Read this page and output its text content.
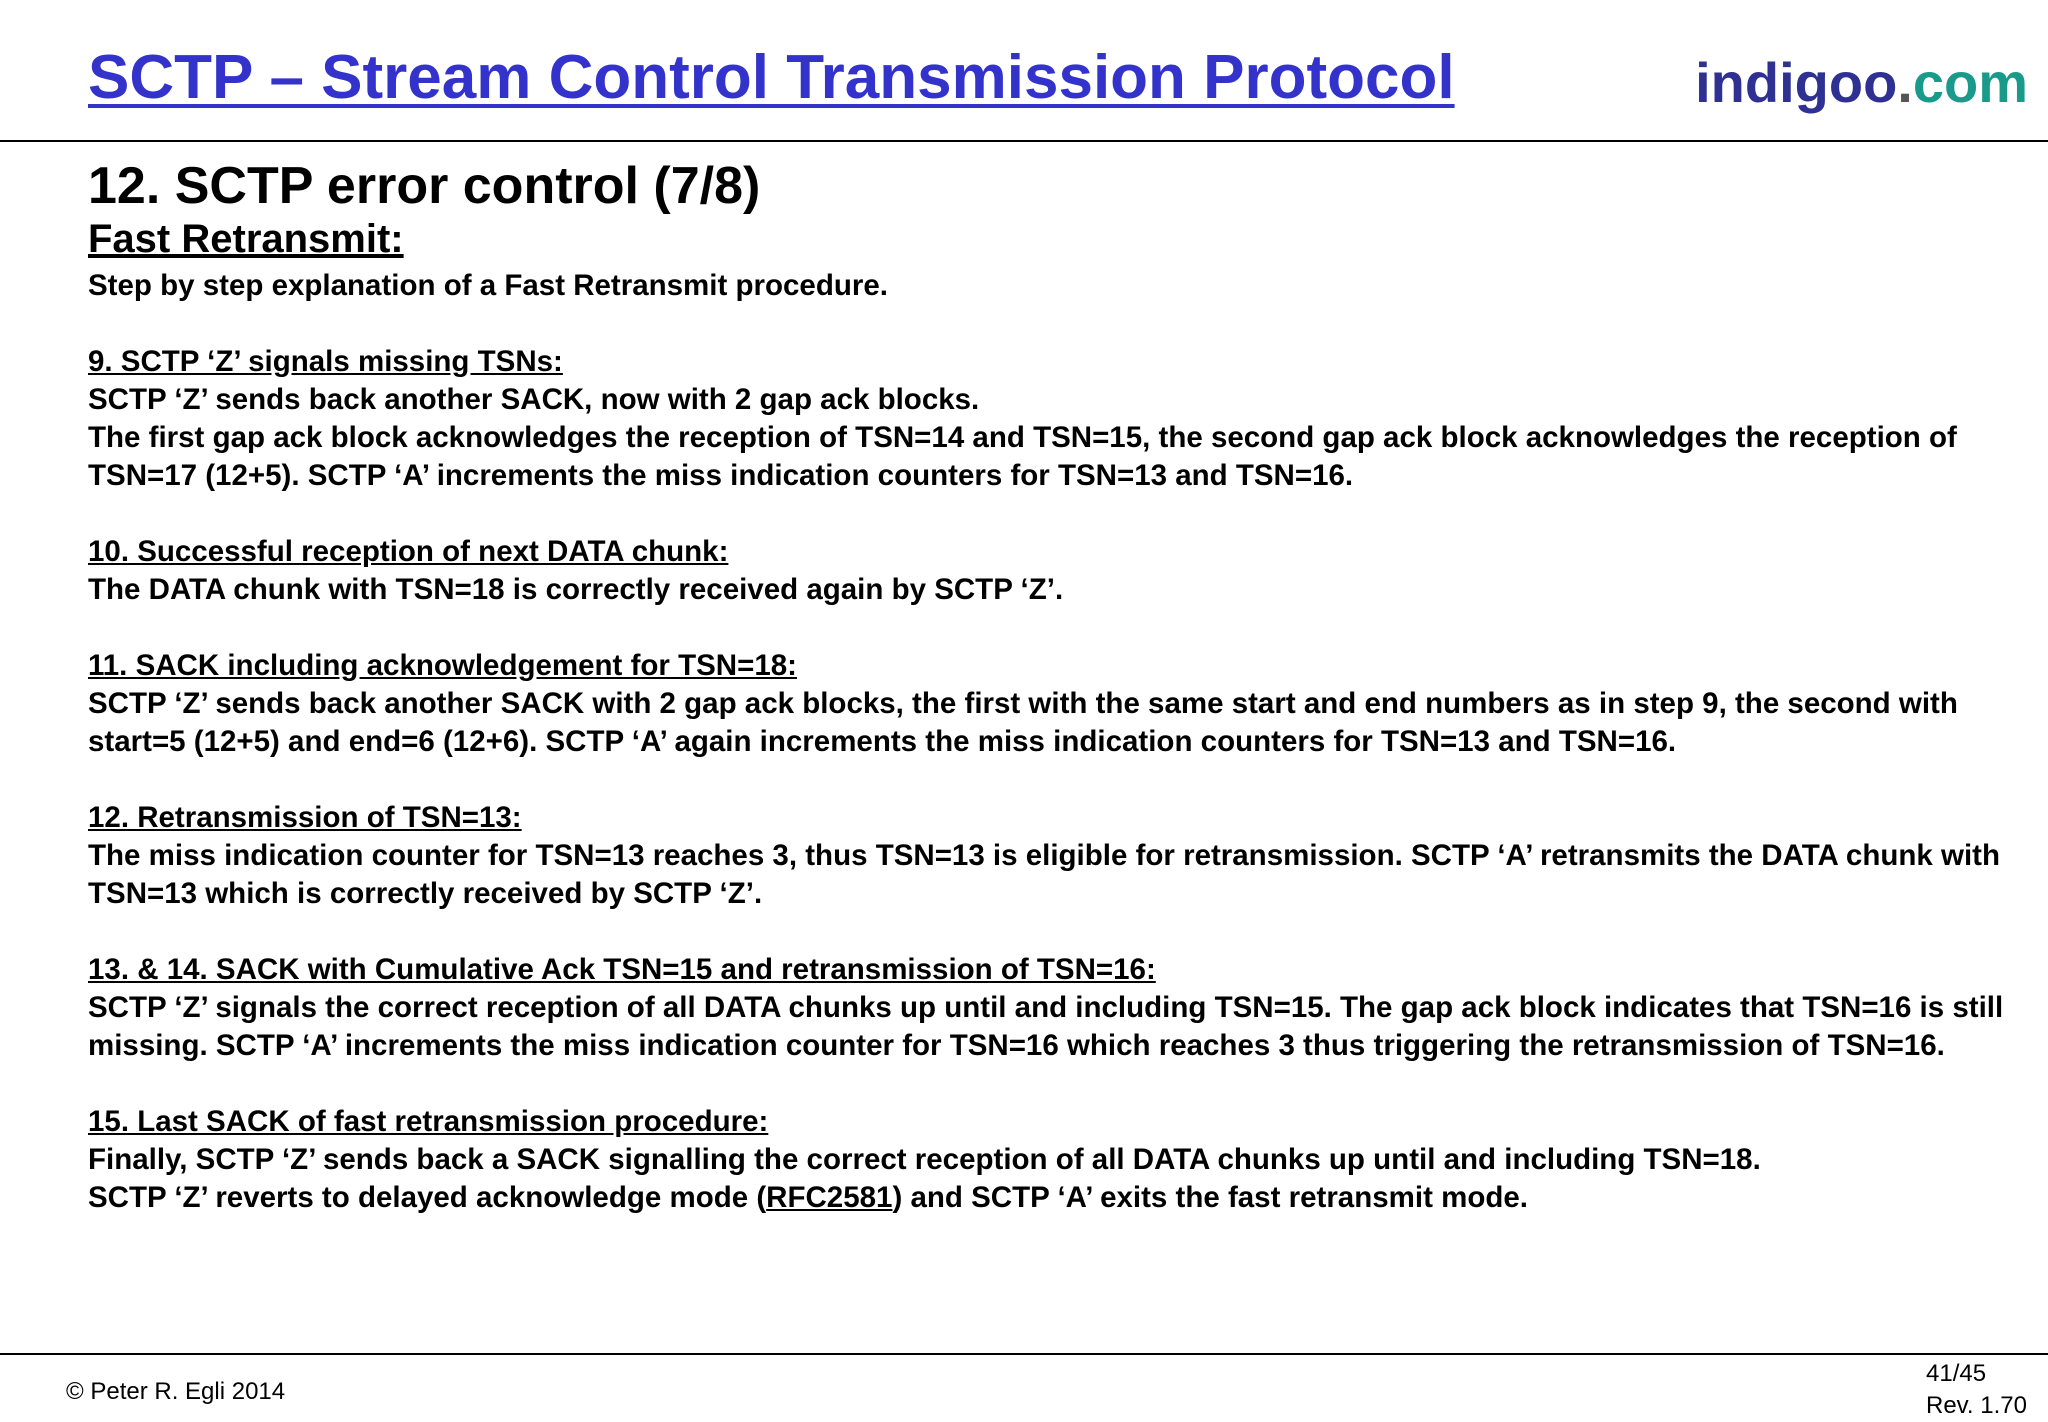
SCTP – Stream Control Transmission Protocol	indigoo.com
12. SCTP error control (7/8)
Fast Retransmit:

Step by step explanation of a Fast Retransmit procedure.

9. SCTP ‘Z’ signals missing TSNs:

SCTP ‘Z’ sends back another SACK, now with 2 gap ack blocks.

The first gap ack block acknowledges the reception of TSN=14 and TSN=15, the second gap ack block acknowledges the reception of TSN=17 (12+5). SCTP ‘A’ increments the miss indication counters for TSN=13 and TSN=16.

10. Successful reception of next DATA chunk:

The DATA chunk with TSN=18 is correctly received again by SCTP ‘Z’.

11. SACK including acknowledgement for TSN=18:

SCTP ‘Z’ sends back another SACK with 2 gap ack blocks, the first with the same start and end numbers as in step 9, the second with start=5 (12+5) and end=6 (12+6). SCTP ‘A’ again increments the miss indication counters for TSN=13 and TSN=16.

12. Retransmission of TSN=13:

The miss indication counter for TSN=13 reaches 3, thus TSN=13 is eligible for retransmission. SCTP ‘A’ retransmits the DATA chunk with TSN=13 which is correctly received by SCTP ‘Z’.

13. & 14. SACK with Cumulative Ack TSN=15 and retransmission of TSN=16:

SCTP ‘Z’ signals the correct reception of all DATA chunks up until and including TSN=15. The gap ack block indicates that TSN=16 is still missing. SCTP ‘A’ increments the miss indication counter for TSN=16 which reaches 3 thus triggering the retransmission of TSN=16.

15. Last SACK of fast retransmission procedure:

Finally, SCTP ‘Z’ sends back a SACK signalling the correct reception of all DATA chunks up until and including TSN=18.

SCTP ‘Z’ reverts to delayed acknowledge mode (RFC2581) and SCTP ‘A’ exits the fast retransmit mode.

© Peter R. Egli 2014
41/45
Rev. 1.70
